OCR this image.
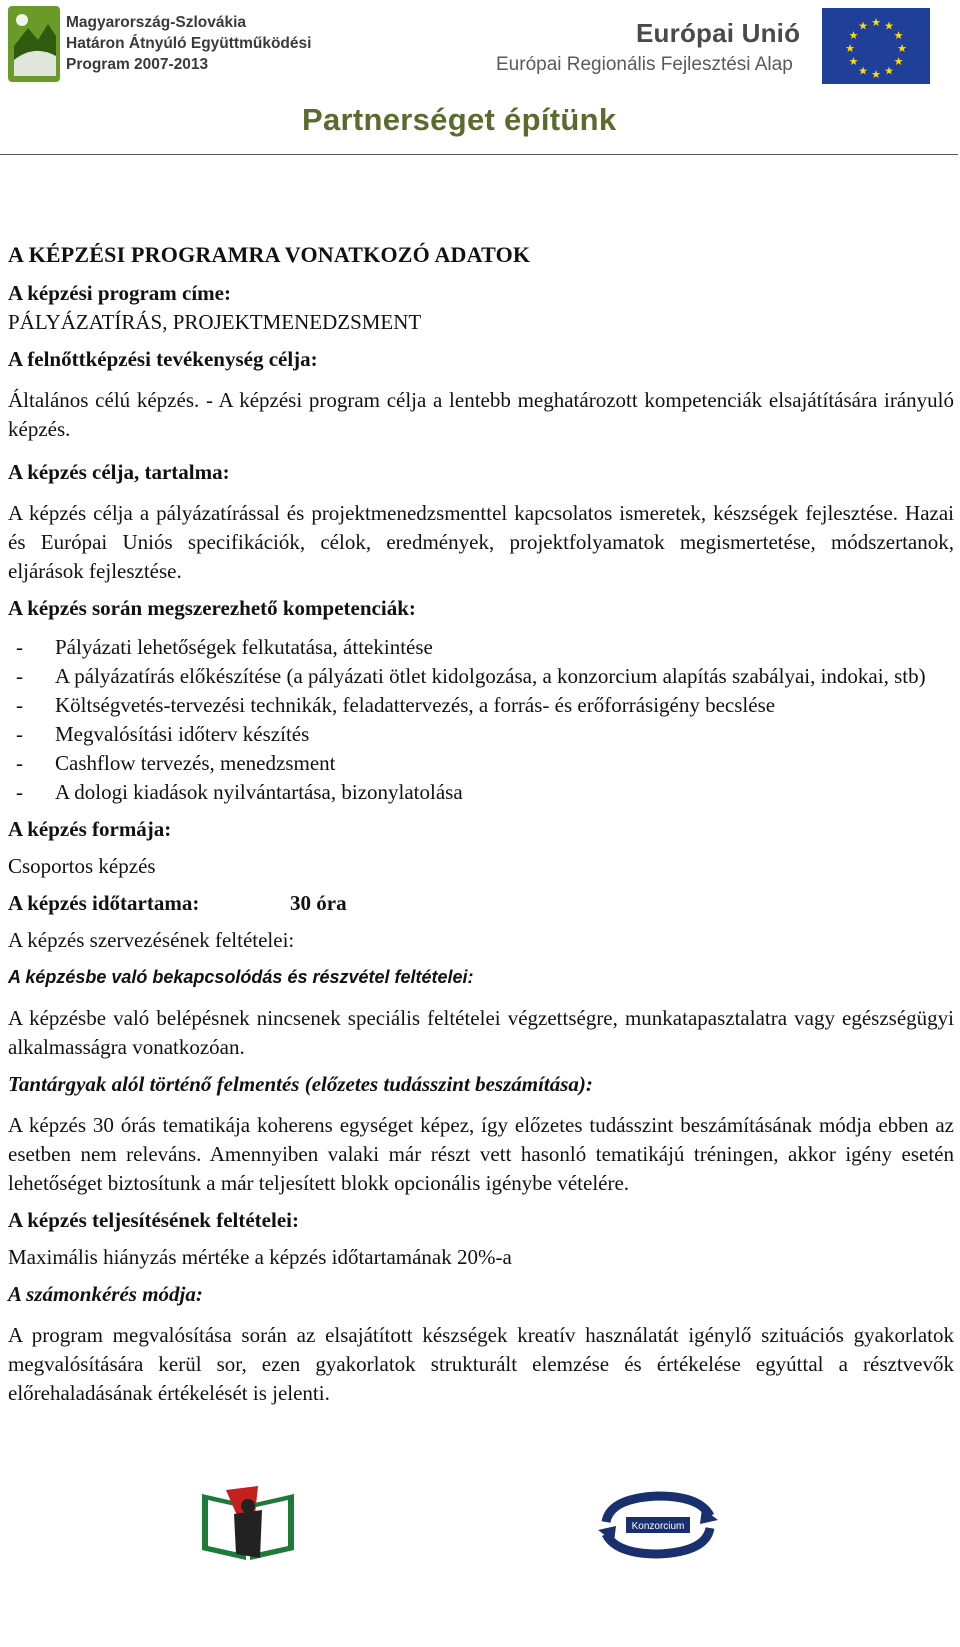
Magyarország-Szlovákia
Határon Átnyúló Együttműködési
Program 2007-2013
Európai Unió
Európai Regionális Fejlesztési Alap
★ ★
★
★
★
★
★
★
★
★
★
★
Partnerséget építünk

A KÉPZÉSI PROGRAMRA VONATKOZÓ ADATOK

A képzési program címe:

PÁLYÁZATÍRÁS, PROJEKTMENEDZSMENT

A felnőttképzési tevékenység célja:

Általános célú képzés. - A képzési program célja a lentebb meghatározott kompetenciák elsajátítására irányuló képzés.

A képzés célja, tartalma:

A képzés célja a pályázatírással és projektmenedzsmenttel kapcsolatos ismeretek, készségek fejlesztése. Hazai és Európai Uniós specifikációk, célok, eredmények, projektfolyamatok megismertetése, módszertanok, eljárások fejlesztése.

A képzés során megszerezhető kompetenciák:

- Pályázati lehetőségek felkutatása, áttekintése
- A pályázatírás előkészítése (a pályázati ötlet kidolgozása, a konzorcium alapítás szabályai, indokai, stb)
- Költségvetés-tervezési technikák, feladattervezés, a forrás- és erőforrásigény becslése
- Megvalósítási időterv készítés
- Cashflow tervezés, menedzsment
- A dologi kiadások nyilvántartása, bizonylatolása

A képzés formája:

Csoportos képzés

A képzés időtartama:	30 óra

A képzés szervezésének feltételei:

A képzésbe való bekapcsolódás és részvétel feltételei:

A képzésbe való belépésnek nincsenek speciális feltételei végzettségre, munkatapasztalatra vagy egészségügyi alkalmasságra vonatkozóan.

Tantárgyak alól történő felmentés (előzetes tudásszint beszámítása):

A képzés 30 órás tematikája koherens egységet képez, így előzetes tudásszint beszámításának módja ebben az esetben nem releváns. Amennyiben valaki már részt vett hasonló tematikájú tréningen, akkor igény esetén lehetőséget biztosítunk a már teljesített blokk opcionális igénybe vételére.

A képzés teljesítésének feltételei:

Maximális hiányzás mértéke a képzés időtartamának 20%-a

A számonkérés módja:

A program megvalósítása során az elsajátított készségek kreatív használatát igénylő szituációs gyakorlatok megvalósítására kerül sor, ezen gyakorlatok strukturált elemzése és értékelése egyúttal a résztvevők előrehaladásának értékelését is jelenti.

Konzorcium
